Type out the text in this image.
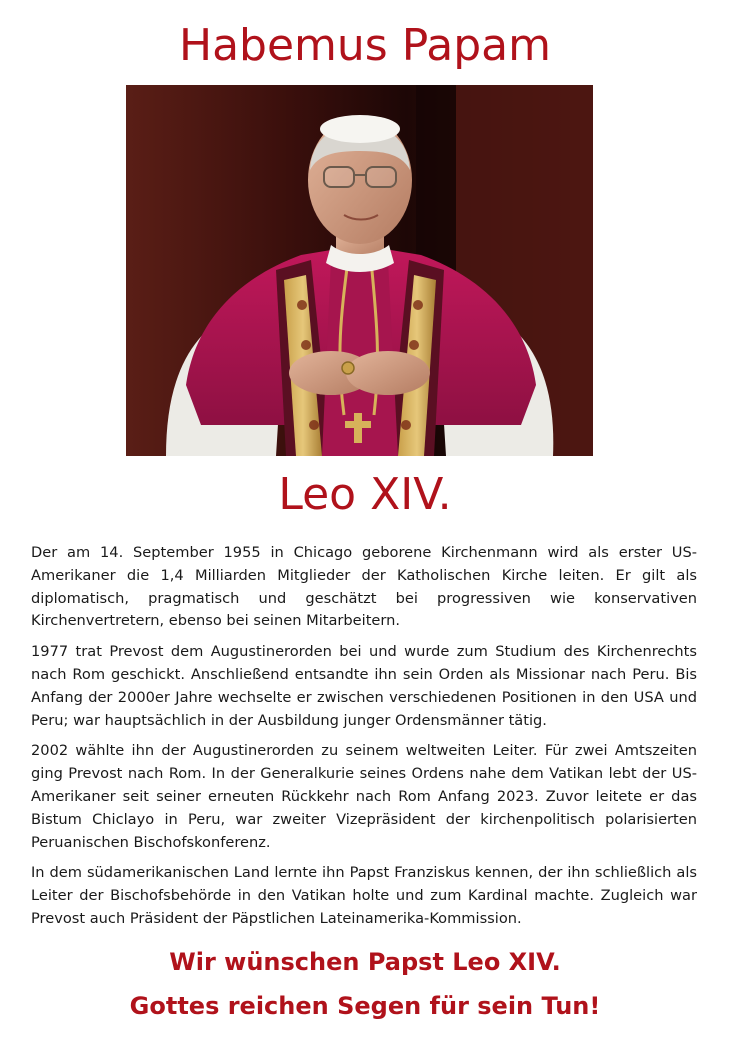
Habemus Papam
Leo XIV.

Der am 14. September 1955 in Chicago geborene Kirchenmann wird als erster US-Amerikaner die 1,4 Milliarden Mitglieder der Katholischen Kirche leiten. Er gilt als diplomatisch, pragmatisch und geschätzt bei progressiven wie konservativen Kirchenvertretern, ebenso bei seinen Mitarbeitern.

1977 trat Prevost dem Augustinerorden bei und wurde zum Studium des Kirchenrechts nach Rom geschickt. Anschließend entsandte ihn sein Orden als Missionar nach Peru. Bis Anfang der 2000er Jahre wechselte er zwischen verschiedenen Positionen in den USA und Peru; war hauptsächlich in der Ausbildung junger Ordensmänner tätig.

2002 wählte ihn der Augustinerorden zu seinem weltweiten Leiter. Für zwei Amtszeiten ging Prevost nach Rom. In der Generalkurie seines Ordens nahe dem Vatikan lebt der US-Amerikaner seit seiner erneuten Rückkehr nach Rom Anfang 2023. Zuvor leitete er das Bistum Chiclayo in Peru, war zweiter Vizepräsident der kirchenpolitisch polarisierten Peruanischen Bischofskonferenz.

In dem südamerikanischen Land lernte ihn Papst Franziskus kennen, der ihn schließlich als Leiter der Bischofsbehörde in den Vatikan holte und zum Kardinal machte. Zugleich war Prevost auch Präsident der Päpstlichen Lateinamerika-Kommission.

Wir wünschen Papst Leo XIV.

Gottes reichen Segen für sein Tun!
